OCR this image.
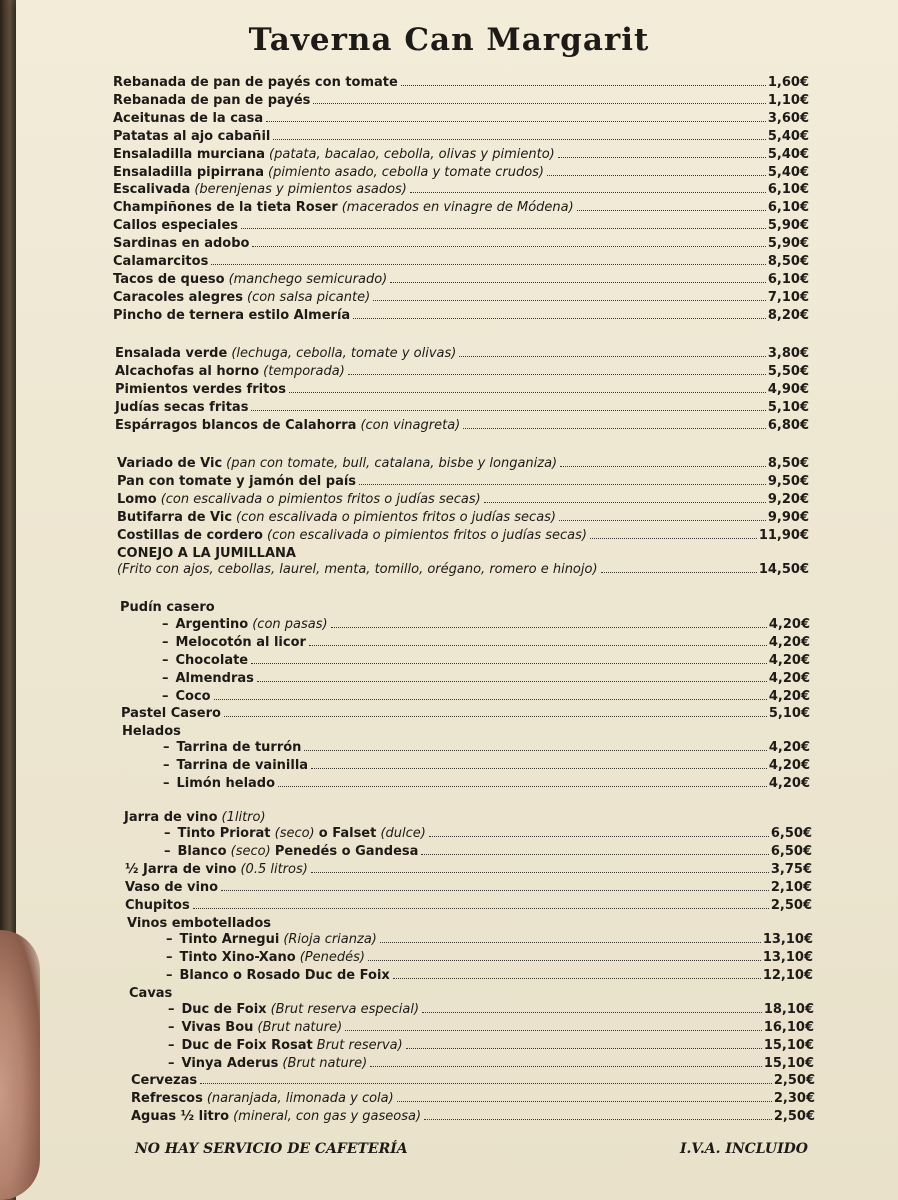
Taverna Can Margarit
Rebanada de pan de payés con tomate	1,60€
Rebanada de pan de payés	1,10€
Aceitunas de la casa	3,60€
Patatas al ajo cabañil	5,40€
Ensaladilla murciana (patata, bacalao, cebolla, olivas y pimiento)	5,40€
Ensaladilla pipirrana (pimiento asado, cebolla y tomate crudos)	5,40€
Escalivada (berenjenas y pimientos asados)	6,10€
Champiñones de la tieta Roser (macerados en vinagre de Módena)	6,10€
Callos especiales	5,90€
Sardinas en adobo	5,90€
Calamarcitos	8,50€
Tacos de queso (manchego semicurado)	6,10€
Caracoles alegres (con salsa picante)	7,10€
Pincho de ternera estilo Almería	8,20€
Ensalada verde (lechuga, cebolla, tomate y olivas)	3,80€
Alcachofas al horno (temporada)	5,50€
Pimientos verdes fritos	4,90€
Judías secas fritas	5,10€
Espárragos blancos de Calahorra (con vinagreta)	6,80€
Variado de Vic (pan con tomate, bull, catalana, bisbe y longaniza)	8,50€
Pan con tomate y jamón del país	9,50€
Lomo (con escalivada o pimientos fritos o judías secas)	9,20€
Butifarra de Vic (con escalivada o pimientos fritos o judías secas)	9,90€
Costillas de cordero (con escalivada o pimientos fritos o judías secas)	11,90€
CONEJO A LA JUMILLANA
(Frito con ajos, cebollas, laurel, menta, tomillo, orégano, romero e hinojo)	14,50€
Pudín casero
– Argentino (con pasas)	4,20€
– Melocotón al licor	4,20€
– Chocolate	4,20€
– Almendras	4,20€
– Coco	4,20€
Pastel Casero	5,10€
Helados
– Tarrina de turrón	4,20€
– Tarrina de vainilla	4,20€
– Limón helado	4,20€
Jarra de vino (1litro)
– Tinto Priorat (seco) o Falset (dulce)	6,50€
– Blanco (seco) Penedés o Gandesa	6,50€
½ Jarra de vino (0.5 litros)	3,75€
Vaso de vino	2,10€
Chupitos	2,50€
Vinos embotellados
– Tinto Arnegui (Rioja crianza)	13,10€
– Tinto Xino-Xano (Penedés)	13,10€
– Blanco o Rosado Duc de Foix	12,10€
Cavas
– Duc de Foix (Brut reserva especial)	18,10€
– Vivas Bou (Brut nature)	16,10€
– Duc de Foix Rosat Brut reserva)	15,10€
– Vinya Aderus (Brut nature)	15,10€
Cervezas	2,50€
Refrescos (naranjada, limonada y cola)	2,30€
Aguas ½ litro (mineral, con gas y gaseosa)	2,50€
NO HAY SERVICIO DE CAFETERÍA	I.V.A. INCLUIDO
